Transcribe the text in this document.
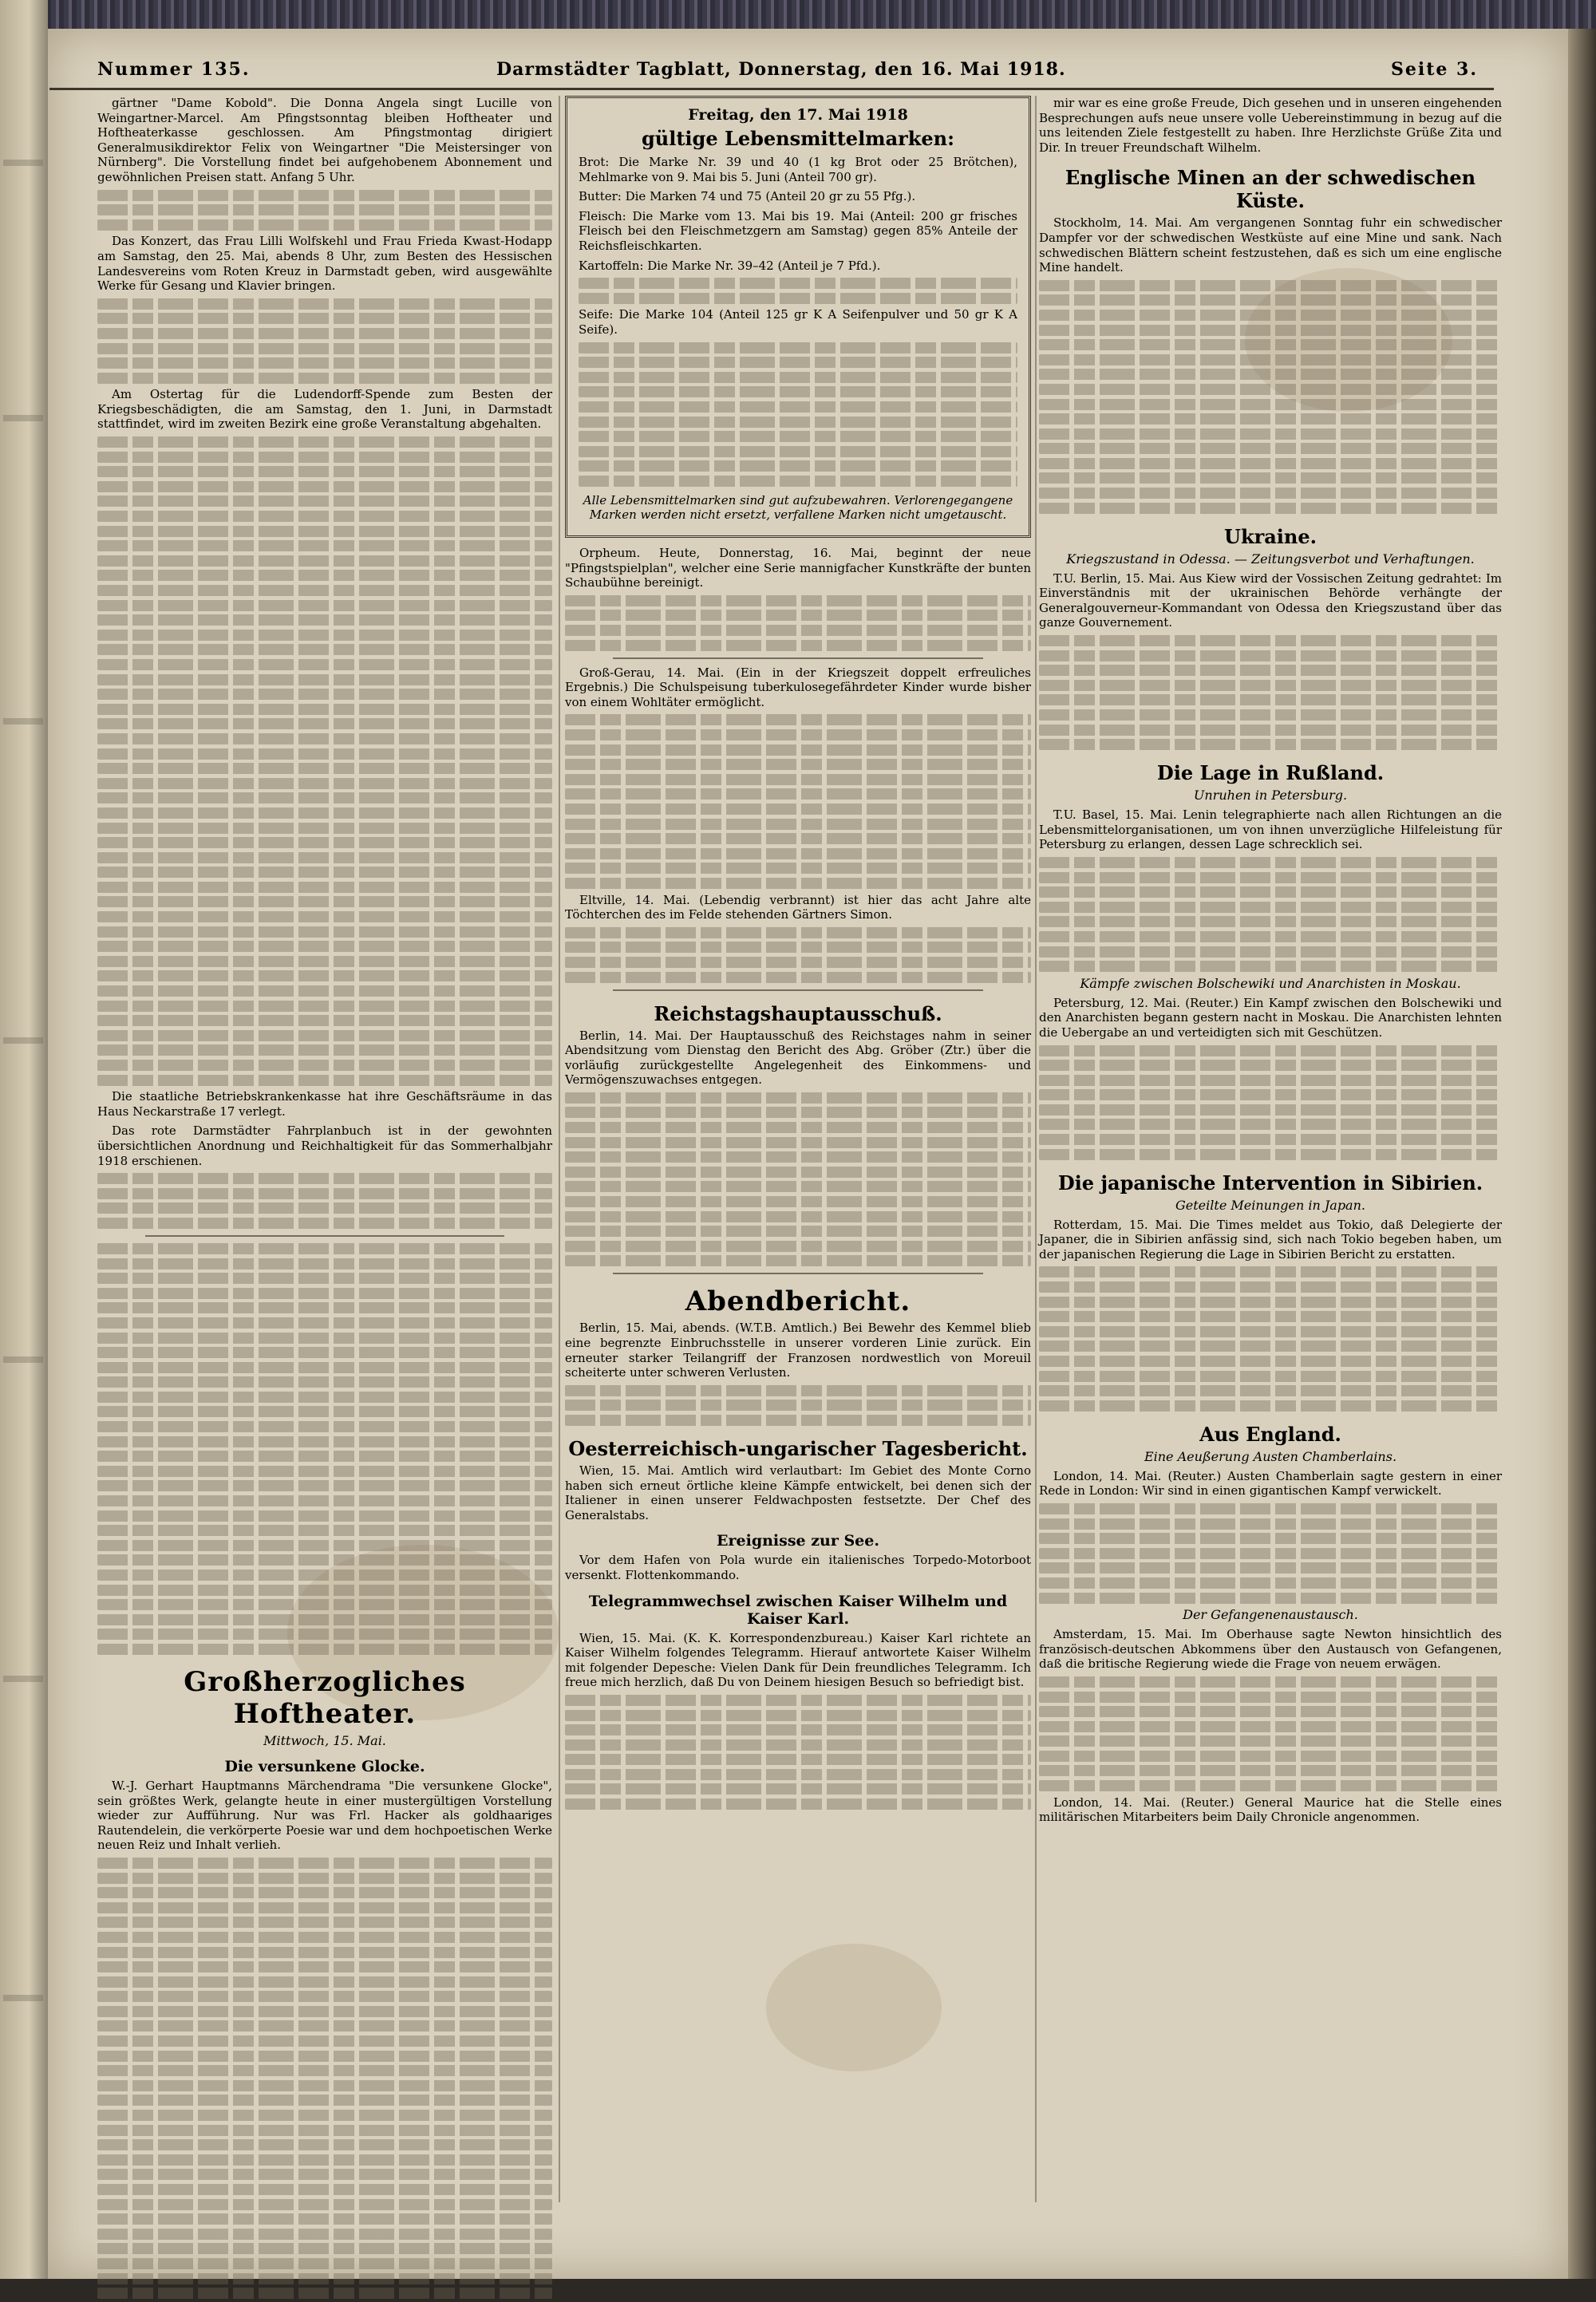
Nummer 135.	Darmstädter Tagblatt, Donnerstag, den 16. Mai 1918.	Seite 3.

gärtner "Dame Kobold". Die Donna Angela singt Lucille von Weingartner-Marcel. Am Pfingstsonntag bleiben Hoftheater und Hoftheaterkasse geschlossen. Am Pfingstmontag dirigiert Generalmusikdirektor Felix von Weingartner "Die Meistersinger von Nürnberg". Die Vorstellung findet bei aufgehobenem Abonnement und gewöhnlichen Preisen statt. Anfang 5 Uhr.

Das Konzert, das Frau Lilli Wolfskehl und Frau Frieda Kwast-Hodapp am Samstag, den 25. Mai, abends 8 Uhr, zum Besten des Hessischen Landesvereins vom Roten Kreuz in Darmstadt geben, wird ausgewählte Werke für Gesang und Klavier bringen.

Am Ostertag für die Ludendorff-Spende zum Besten der Kriegsbeschädigten, die am Samstag, den 1. Juni, in Darmstadt stattfindet, wird im zweiten Bezirk eine große Veranstaltung abgehalten.

Die staatliche Betriebskrankenkasse hat ihre Geschäftsräume in das Haus Neckarstraße 17 verlegt.

Das rote Darmstädter Fahrplanbuch ist in der gewohnten übersichtlichen Anordnung und Reichhaltigkeit für das Sommerhalbjahr 1918 erschienen.

Großherzogliches Hoftheater.
Mittwoch, 15. Mai.
Die versunkene Glocke.

W.-J. Gerhart Hauptmanns Märchendrama "Die versunkene Glocke", sein größtes Werk, gelangte heute in einer mustergültigen Vorstellung wieder zur Aufführung. Nur was Frl. Hacker als goldhaariges Rautendelein, die verkörperte Poesie war und dem hochpoetischen Werke neuen Reiz und Inhalt verlieh.

Freitag, den 17. Mai 1918
gültige Lebensmittelmarken:

Brot: Die Marke Nr. 39 und 40 (1 kg Brot oder 25 Brötchen), Mehlmarke von 9. Mai bis 5. Juni (Anteil 700 gr).

Butter: Die Marken 74 und 75 (Anteil 20 gr zu 55 Pfg.).

Fleisch: Die Marke vom 13. Mai bis 19. Mai (Anteil: 200 gr frisches Fleisch bei den Fleischmetzgern am Samstag) gegen 85% Anteile der Reichsfleischkarten.

Kartoffeln: Die Marke Nr. 39–42 (Anteil je 7 Pfd.).

Seife: Die Marke 104 (Anteil 125 gr K A Seifenpulver und 50 gr K A Seife).

Alle Lebensmittelmarken sind gut aufzubewahren. Verlorengegangene Marken werden nicht ersetzt, verfallene Marken nicht umgetauscht.

Orpheum. Heute, Donnerstag, 16. Mai, beginnt der neue "Pfingstspielplan", welcher eine Serie mannigfacher Kunstkräfte der bunten Schaubühne bereinigt.

Groß-Gerau, 14. Mai. (Ein in der Kriegszeit doppelt erfreuliches Ergebnis.) Die Schulspeisung tuberkulosegefährdeter Kinder wurde bisher von einem Wohltäter ermöglicht.

Eltville, 14. Mai. (Lebendig verbrannt) ist hier das acht Jahre alte Töchterchen des im Felde stehenden Gärtners Simon.

Reichstagshauptausschuß.

Berlin, 14. Mai. Der Hauptausschuß des Reichstages nahm in seiner Abendsitzung vom Dienstag den Bericht des Abg. Gröber (Ztr.) über die vorläufig zurückgestellte Angelegenheit des Einkommens- und Vermögenszuwachses entgegen.

Abendbericht.

Berlin, 15. Mai, abends. (W.T.B. Amtlich.) Bei Bewehr des Kemmel blieb eine begrenzte Einbruchsstelle in unserer vorderen Linie zurück. Ein erneuter starker Teilangriff der Franzosen nordwestlich von Moreuil scheiterte unter schweren Verlusten.

Oesterreichisch-ungarischer Tagesbericht.

Wien, 15. Mai. Amtlich wird verlautbart: Im Gebiet des Monte Corno haben sich erneut örtliche kleine Kämpfe entwickelt, bei denen sich der Italiener in einen unserer Feldwachposten festsetzte. Der Chef des Generalstabs.

Ereignisse zur See.

Vor dem Hafen von Pola wurde ein italienisches Torpedo-Motorboot versenkt. Flottenkommando.

Telegrammwechsel zwischen Kaiser Wilhelm und Kaiser Karl.

Wien, 15. Mai. (K. K. Korrespondenzbureau.) Kaiser Karl richtete an Kaiser Wilhelm folgendes Telegramm. Hierauf antwortete Kaiser Wilhelm mit folgender Depesche: Vielen Dank für Dein freundliches Telegramm. Ich freue mich herzlich, daß Du von Deinem hiesigen Besuch so befriedigt bist.

mir war es eine große Freude, Dich gesehen und in unseren eingehenden Besprechungen aufs neue unsere volle Uebereinstimmung in bezug auf die uns leitenden Ziele festgestellt zu haben. Ihre Herzlichste Grüße Zita und Dir. In treuer Freundschaft Wilhelm.

Englische Minen an der schwedischen Küste.

Stockholm, 14. Mai. Am vergangenen Sonntag fuhr ein schwedischer Dampfer vor der schwedischen Westküste auf eine Mine und sank. Nach schwedischen Blättern scheint festzustehen, daß es sich um eine englische Mine handelt.

Ukraine.
Kriegszustand in Odessa. — Zeitungsverbot und Verhaftungen.

T.U. Berlin, 15. Mai. Aus Kiew wird der Vossischen Zeitung gedrahtet: Im Einverständnis mit der ukrainischen Behörde verhängte der Generalgouverneur-Kommandant von Odessa den Kriegszustand über das ganze Gouvernement.

Die Lage in Rußland.
Unruhen in Petersburg.

T.U. Basel, 15. Mai. Lenin telegraphierte nach allen Richtungen an die Lebensmittelorganisationen, um von ihnen unverzügliche Hilfeleistung für Petersburg zu erlangen, dessen Lage schrecklich sei.

Kämpfe zwischen Bolschewiki und Anarchisten in Moskau.

Petersburg, 12. Mai. (Reuter.) Ein Kampf zwischen den Bolschewiki und den Anarchisten begann gestern nacht in Moskau. Die Anarchisten lehnten die Uebergabe an und verteidigten sich mit Geschützen.

Die japanische Intervention in Sibirien.
Geteilte Meinungen in Japan.

Rotterdam, 15. Mai. Die Times meldet aus Tokio, daß Delegierte der Japaner, die in Sibirien anfässig sind, sich nach Tokio begeben haben, um der japanischen Regierung die Lage in Sibirien Bericht zu erstatten.

Aus England.
Eine Aeußerung Austen Chamberlains.

London, 14. Mai. (Reuter.) Austen Chamberlain sagte gestern in einer Rede in London: Wir sind in einen gigantischen Kampf verwickelt.

Der Gefangenenaustausch.

Amsterdam, 15. Mai. Im Oberhause sagte Newton hinsichtlich des französisch-deutschen Abkommens über den Austausch von Gefangenen, daß die britische Regierung wiede die Frage von neuem erwägen.

London, 14. Mai. (Reuter.) General Maurice hat die Stelle eines militärischen Mitarbeiters beim Daily Chronicle angenommen.
